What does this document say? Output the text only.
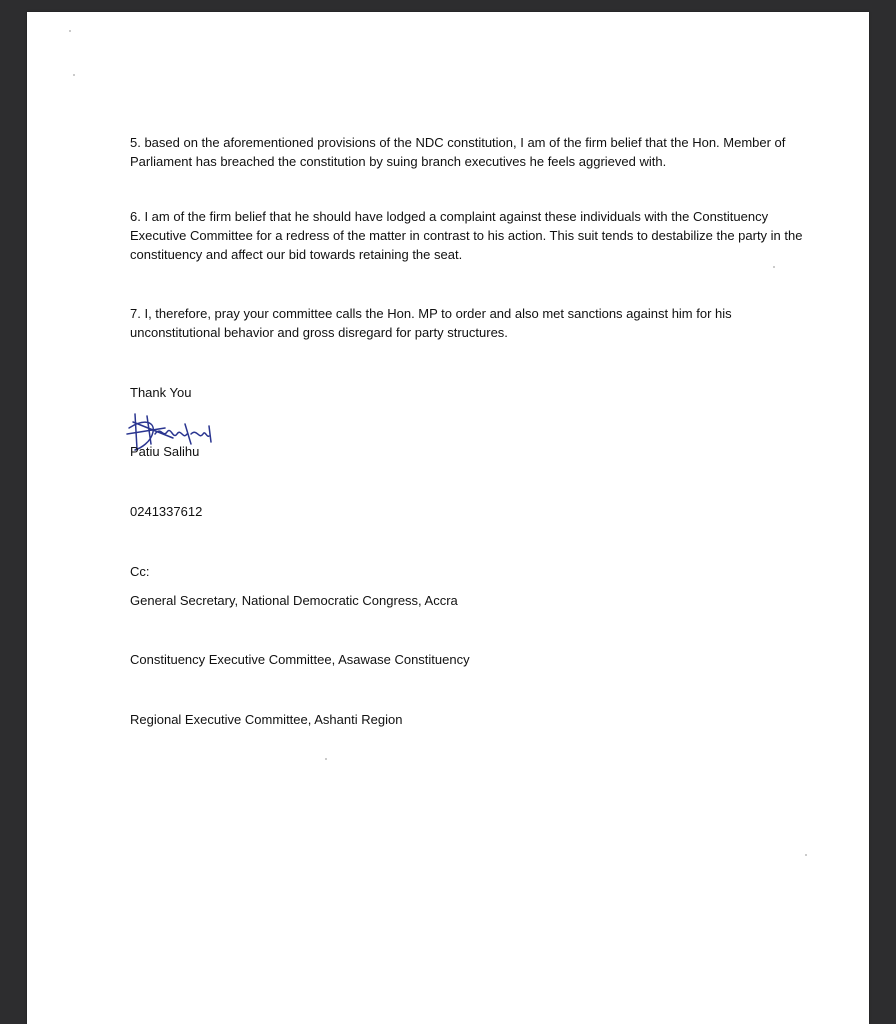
5. based on the aforementioned provisions of the NDC constitution, I am of the firm belief that the Hon. Member of Parliament has breached the constitution by suing branch executives he feels aggrieved with.

6. I am of the firm belief that he should have lodged a complaint against these individuals with the Constituency Executive Committee for a redress of the matter in contrast to his action. This suit tends to destabilize the party in the constituency and affect our bid towards retaining the seat.

7. I, therefore, pray your committee calls the Hon. MP to order and also met sanctions against him for his unconstitutional behavior and gross disregard for party structures.

Thank You

Patiu Salihu

0241337612

Cc:

General Secretary, National Democratic Congress, Accra

Constituency Executive Committee, Asawase Constituency

Regional Executive Committee, Ashanti Region
